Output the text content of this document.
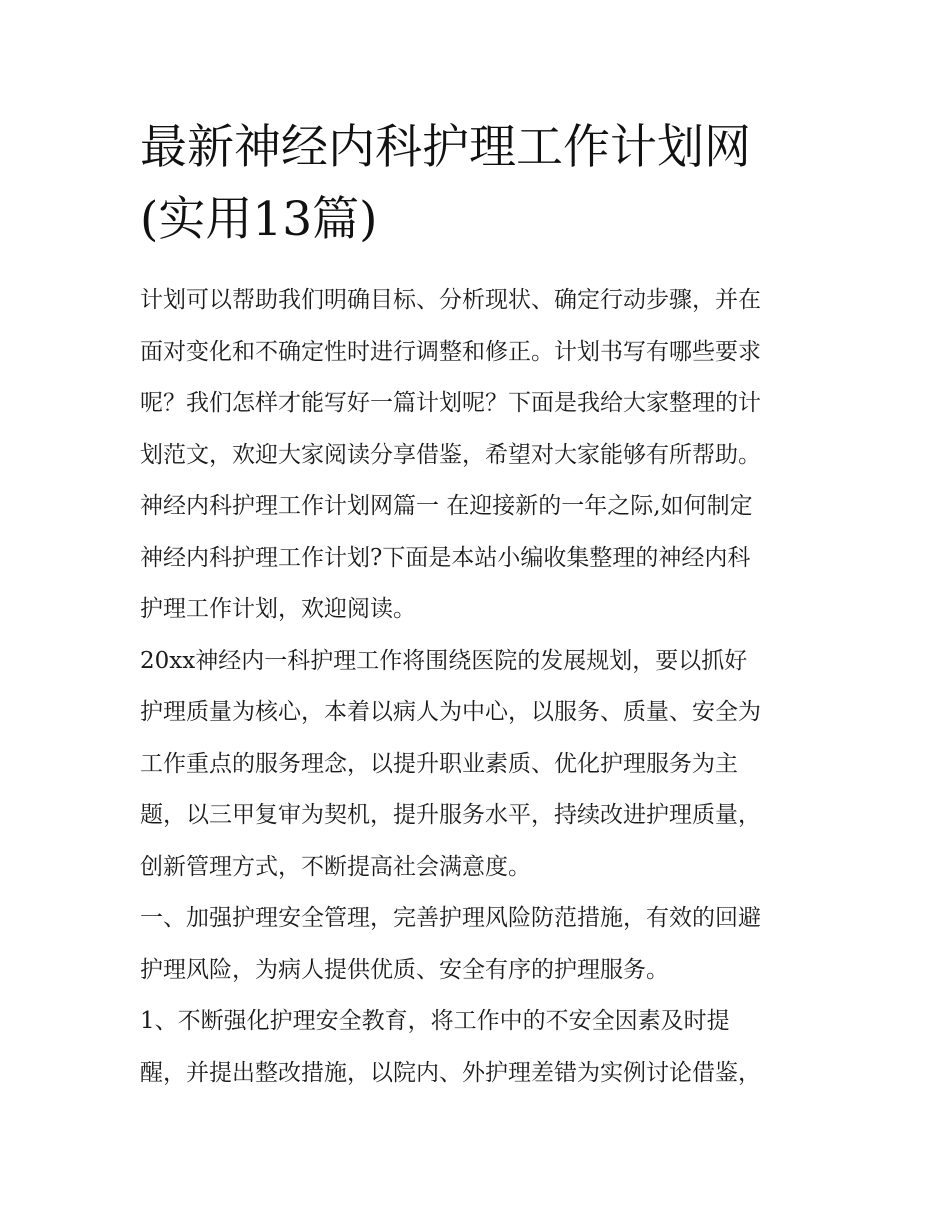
最新神经内科护理工作计划网
(实用13篇)
计划可以帮助我们明确目标、分析现状、确定行动步骤，并在
面对变化和不确定性时进行调整和修正。计划书写有哪些要求
呢？我们怎样才能写好一篇计划呢？下面是我给大家整理的计
划范文，欢迎大家阅读分享借鉴，希望对大家能够有所帮助。
神经内科护理工作计划网篇一 在迎接新的一年之际,如何制定
神经内科护理工作计划?下面是本站小编收集整理的神经内科
护理工作计划，欢迎阅读。
20xx神经内一科护理工作将围绕医院的发展规划，要以抓好
护理质量为核心，本着以病人为中心，以服务、质量、安全为
工作重点的服务理念，以提升职业素质、优化护理服务为主
题，以三甲复审为契机，提升服务水平，持续改进护理质量，
创新管理方式，不断提高社会满意度。
一、加强护理安全管理，完善护理风险防范措施，有效的回避
护理风险，为病人提供优质、安全有序的护理服务。
1、不断强化护理安全教育，将工作中的不安全因素及时提
醒，并提出整改措施，以院内、外护理差错为实例讨论借鉴，
